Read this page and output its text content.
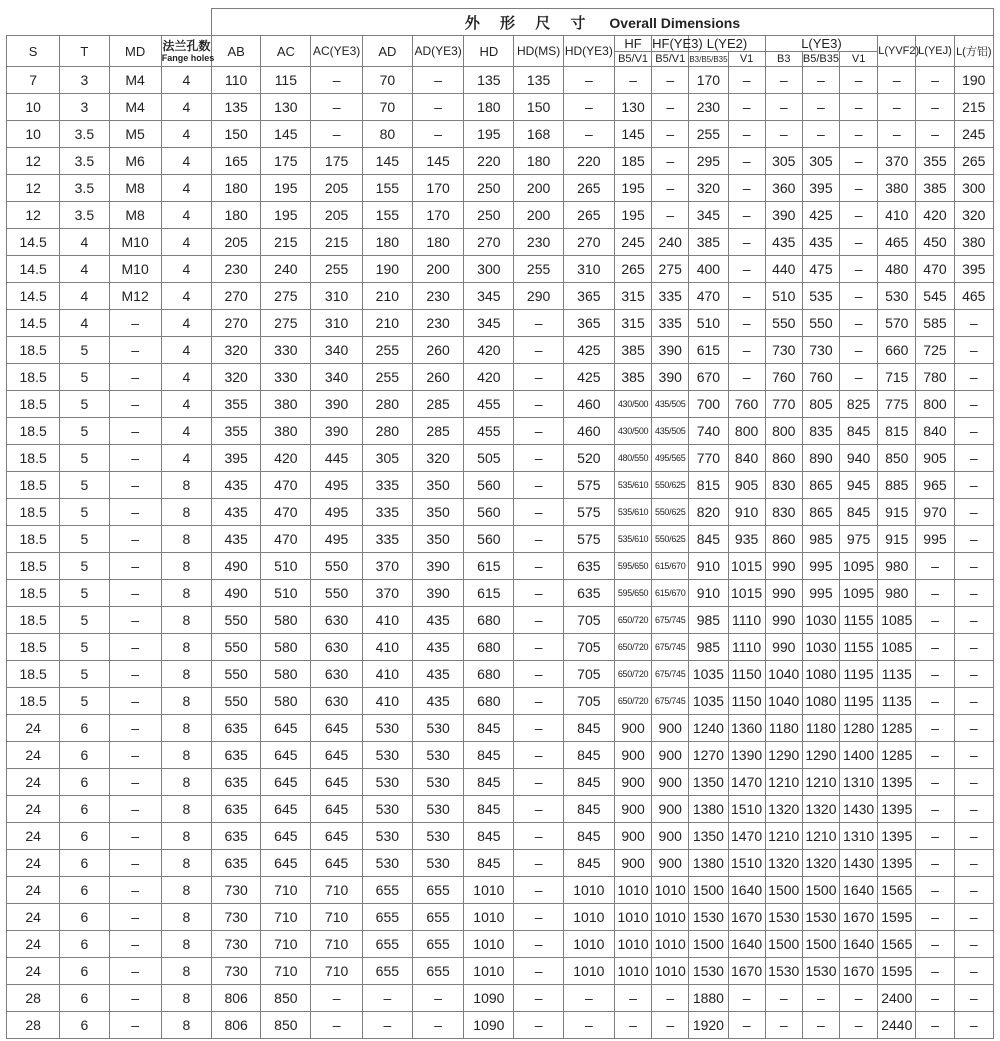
				外 形 尺 寸 Overall Dimensions																	
S	T	MD	法兰孔数
Fange holes	AB	AC	AC(YE3)	AD	AD(YE3)	HD	HD(MS)	HD(YE3)	HF	HF(YE3)	L(YE2)		L(YE3)			L(YVF2)	L(YEJ)	L(方铝)
												B5/V1	B5/V1	B3/B5/B35	V1	B3	B5/B35	V1			
7	3	M4	4	110	115	–	70	–	135	135	–	–	–	170	–	–	–	–	–	–	190
10	3	M4	4	135	130	–	70	–	180	150	–	130	–	230	–	–	–	–	–	–	215
10	3.5	M5	4	150	145	–	80	–	195	168	–	145	–	255	–	–	–	–	–	–	245
12	3.5	M6	4	165	175	175	145	145	220	180	220	185	–	295	–	305	305	–	370	355	265
12	3.5	M8	4	180	195	205	155	170	250	200	265	195	–	320	–	360	395	–	380	385	300
12	3.5	M8	4	180	195	205	155	170	250	200	265	195	–	345	–	390	425	–	410	420	320
14.5	4	M10	4	205	215	215	180	180	270	230	270	245	240	385	–	435	435	–	465	450	380
14.5	4	M10	4	230	240	255	190	200	300	255	310	265	275	400	–	440	475	–	480	470	395
14.5	4	M12	4	270	275	310	210	230	345	290	365	315	335	470	–	510	535	–	530	545	465
14.5	4	–	4	270	275	310	210	230	345	–	365	315	335	510	–	550	550	–	570	585	–
18.5	5	–	4	320	330	340	255	260	420	–	425	385	390	615	–	730	730	–	660	725	–
18.5	5	–	4	320	330	340	255	260	420	–	425	385	390	670	–	760	760	–	715	780	–
18.5	5	–	4	355	380	390	280	285	455	–	460	430/500	435/505	700	760	770	805	825	775	800	–
18.5	5	–	4	355	380	390	280	285	455	–	460	430/500	435/505	740	800	800	835	845	815	840	–
18.5	5	–	4	395	420	445	305	320	505	–	520	480/550	495/565	770	840	860	890	940	850	905	–
18.5	5	–	8	435	470	495	335	350	560	–	575	535/610	550/625	815	905	830	865	945	885	965	–
18.5	5	–	8	435	470	495	335	350	560	–	575	535/610	550/625	820	910	830	865	845	915	970	–
18.5	5	–	8	435	470	495	335	350	560	–	575	535/610	550/625	845	935	860	985	975	915	995	–
18.5	5	–	8	490	510	550	370	390	615	–	635	595/650	615/670	910	1015	990	995	1095	980	–	–
18.5	5	–	8	490	510	550	370	390	615	–	635	595/650	615/670	910	1015	990	995	1095	980	–	–
18.5	5	–	8	550	580	630	410	435	680	–	705	650/720	675/745	985	1110	990	1030	1155	1085	–	–
18.5	5	–	8	550	580	630	410	435	680	–	705	650/720	675/745	985	1110	990	1030	1155	1085	–	–
18.5	5	–	8	550	580	630	410	435	680	–	705	650/720	675/745	1035	1150	1040	1080	1195	1135	–	–
18.5	5	–	8	550	580	630	410	435	680	–	705	650/720	675/745	1035	1150	1040	1080	1195	1135	–	–
24	6	–	8	635	645	645	530	530	845	–	845	900	900	1240	1360	1180	1180	1280	1285	–	–
24	6	–	8	635	645	645	530	530	845	–	845	900	900	1270	1390	1290	1290	1400	1285	–	–
24	6	–	8	635	645	645	530	530	845	–	845	900	900	1350	1470	1210	1210	1310	1395	–	–
24	6	–	8	635	645	645	530	530	845	–	845	900	900	1380	1510	1320	1320	1430	1395	–	–
24	6	–	8	635	645	645	530	530	845	–	845	900	900	1350	1470	1210	1210	1310	1395	–	–
24	6	–	8	635	645	645	530	530	845	–	845	900	900	1380	1510	1320	1320	1430	1395	–	–
24	6	–	8	730	710	710	655	655	1010	–	1010	1010	1010	1500	1640	1500	1500	1640	1565	–	–
24	6	–	8	730	710	710	655	655	1010	–	1010	1010	1010	1530	1670	1530	1530	1670	1595	–	–
24	6	–	8	730	710	710	655	655	1010	–	1010	1010	1010	1500	1640	1500	1500	1640	1565	–	–
24	6	–	8	730	710	710	655	655	1010	–	1010	1010	1010	1530	1670	1530	1530	1670	1595	–	–
28	6	–	8	806	850	–	–	–	1090	–	–	–	–	1880	–	–	–	–	2400	–	–
28	6	–	8	806	850	–	–	–	1090	–	–	–	–	1920	–	–	–	–	2440	–	–
